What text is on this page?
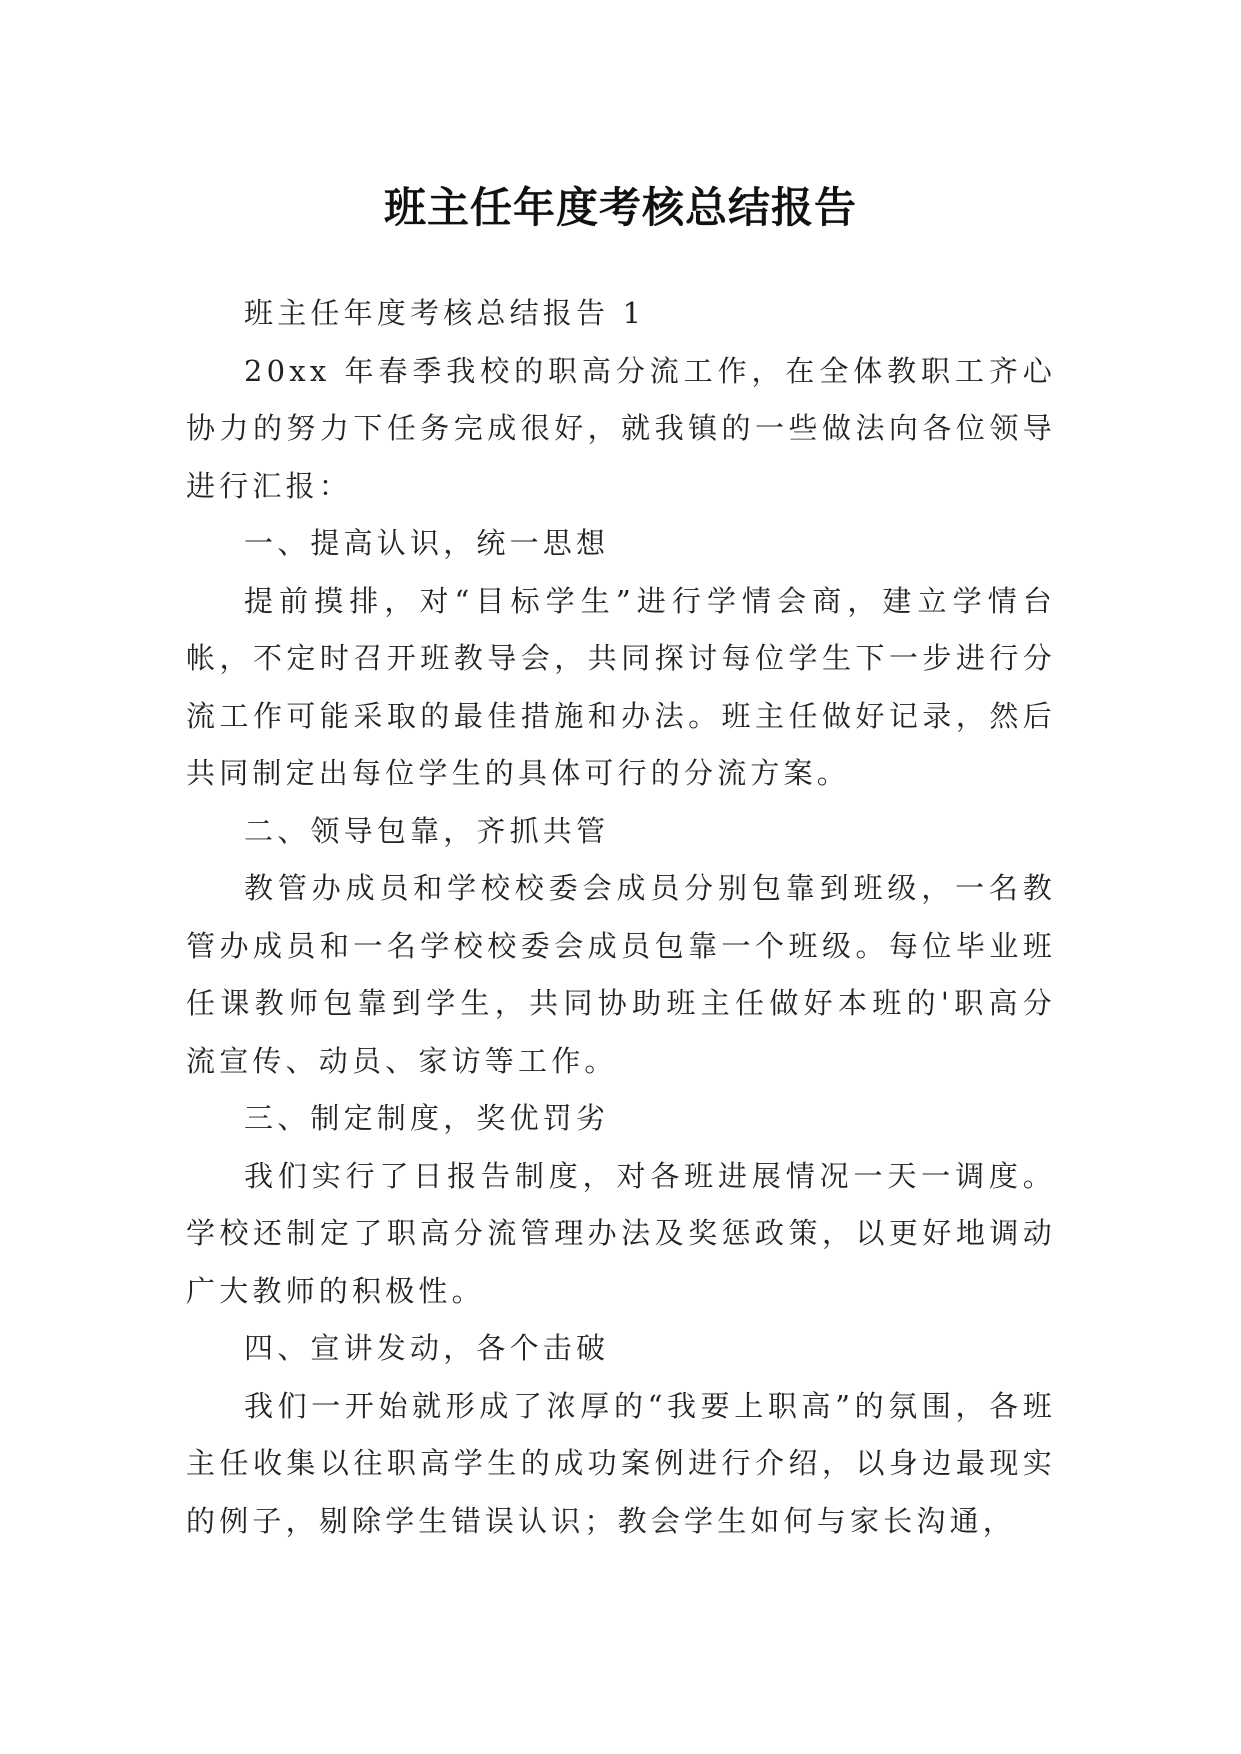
班主任年度考核总结报告

班主任年度考核总结报告 1

20xx 年春季我校的职高分流工作，在全体教职工齐心协力的努力下任务完成很好，就我镇的一些做法向各位领导进行汇报：

一、提高认识，统一思想

提前摸排，对“目标学生”进行学情会商，建立学情台帐，不定时召开班教导会，共同探讨每位学生下一步进行分流工作可能采取的最佳措施和办法。班主任做好记录，然后共同制定出每位学生的具体可行的分流方案。

二、领导包靠，齐抓共管

教管办成员和学校校委会成员分别包靠到班级，一名教管办成员和一名学校校委会成员包靠一个班级。每位毕业班任课教师包靠到学生，共同协助班主任做好本班的'职高分流宣传、动员、家访等工作。

三、制定制度，奖优罚劣

我们实行了日报告制度，对各班进展情况一天一调度。学校还制定了职高分流管理办法及奖惩政策，以更好地调动广大教师的积极性。

四、宣讲发动，各个击破

我们一开始就形成了浓厚的“我要上职高”的氛围，各班主任收集以往职高学生的成功案例进行介绍，以身边最现实的例子，剔除学生错误认识；教会学生如何与家长沟通，
